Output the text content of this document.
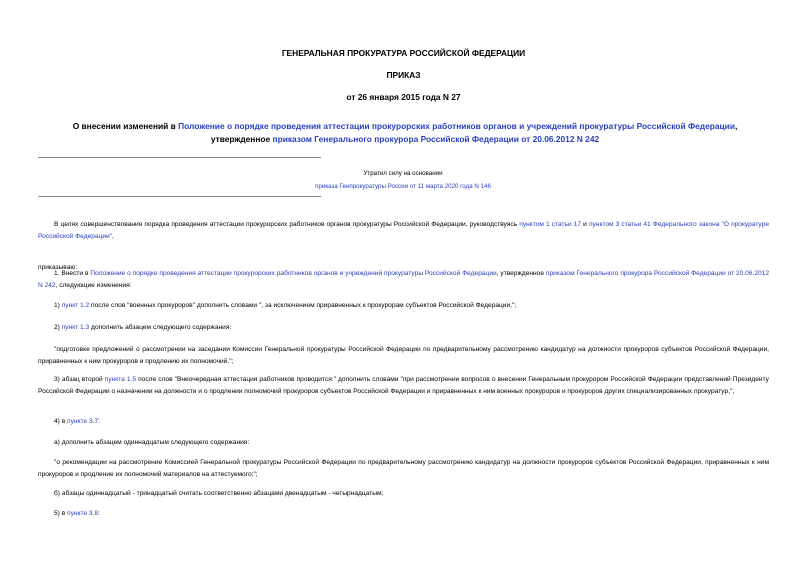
ГЕНЕРАЛЬНАЯ ПРОКУРАТУРА РОССИЙСКОЙ ФЕДЕРАЦИИ
ПРИКАЗ
от 26 января 2015 года N 27
О внесении изменений в Положение о порядке проведения аттестации прокурорских работников органов и учреждений прокуратуры Российской Федерации, утвержденное приказом Генерального прокурора Российской Федерации от 20.06.2012 N 242
Утратил силу на основании
приказа Генпрокуратуры России от 11 марта 2020 года N 146
В целях совершенствования порядка проведения аттестации прокурорских работников органов прокуратуры Российской Федерации, руководствуясь пунктом 1 статьи 17 и пунктом 3 статьи 41 Федерального закона "О прокуратуре Российской Федерации",
приказываю:
1. Внести в Положение о порядке проведения аттестации прокурорских работников органов и учреждений прокуратуры Российской Федерации, утвержденное приказом Генерального прокурора Российской Федерации от 20.06.2012 N 242, следующие изменения:
1) пункт 1.2 после слов "военных прокуроров" дополнить словами ", за исключением приравненных к прокурорам субъектов Российской Федерации,";
2) пункт 1.3 дополнить абзацем следующего содержания:
"подготовке предложений о рассмотрении на заседании Комиссии Генеральной прокуратуры Российской Федерации по предварительному рассмотрению кандидатур на должности прокуроров субъектов Российской Федерации, приравненных к ним прокуроров и продлению их полномочий.";
3) абзац второй пункта 1.5 после слов "Внеочередная аттестация работников проводится:" дополнить словами "при рассмотрении вопросов о внесении Генеральным прокурором Российской Федерации представлений Президенту Российской Федерации о назначении на должности и о продлении полномочий прокуроров субъектов Российской Федерации и приравненных к ним военных прокуроров и прокуроров других специализированных прокуратур,";
4) в пункте 3.7:
а) дополнить абзацем одиннадцатым следующего содержания:
"о рекомендации на рассмотрение Комиссией Генеральной прокуратуры Российской Федерации по предварительному рассмотрению кандидатур на должности прокуроров субъектов Российской Федерации, приравненных к ним прокуроров и продление их полномочий материалов на аттестуемого;";
б) абзацы одиннадцатый - тринадцатый считать соответственно абзацами двенадцатым - четырнадцатым;
5) в пункте 3.8:
